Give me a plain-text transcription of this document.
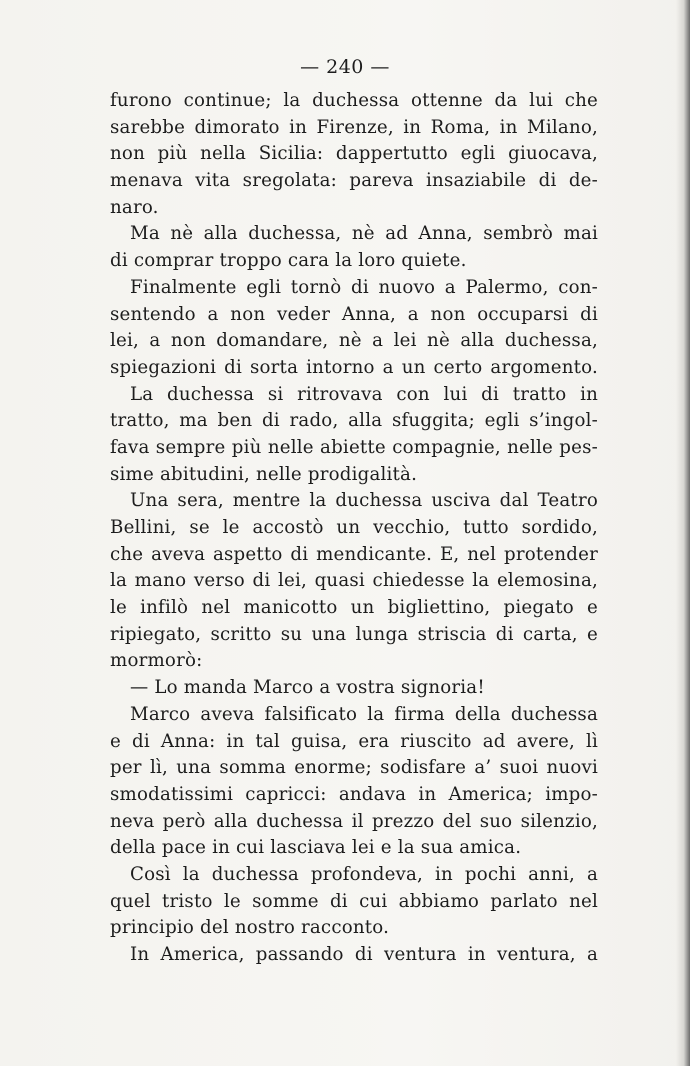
— 240 —
furono continue; la duchessa ottenne da lui che
sarebbe dimorato in Firenze, in Roma, in Milano,
non più nella Sicilia: dappertutto egli giuocava,
menava vita sregolata: pareva insaziabile di de-
naro.
Ma nè alla duchessa, nè ad Anna, sembrò mai
di comprar troppo cara la loro quiete.
Finalmente egli tornò di nuovo a Palermo, con-
sentendo a non veder Anna, a non occuparsi di
lei, a non domandare, nè a lei nè alla duchessa,
spiegazioni di sorta intorno a un certo argomento.
La duchessa si ritrovava con lui di tratto in
tratto, ma ben di rado, alla sfuggita; egli s’ingol-
fava sempre più nelle abiette compagnie, nelle pes-
sime abitudini, nelle prodigalità.
Una sera, mentre la duchessa usciva dal Teatro
Bellini, se le accostò un vecchio, tutto sordido,
che aveva aspetto di mendicante. E, nel protender
la mano verso di lei, quasi chiedesse la elemosina,
le infilò nel manicotto un bigliettino, piegato e
ripiegato, scritto su una lunga striscia di carta, e
mormorò:
— Lo manda Marco a vostra signoria!
Marco aveva falsificato la firma della duchessa
e di Anna: in tal guisa, era riuscito ad avere, lì
per lì, una somma enorme; sodisfare a’ suoi nuovi
smodatissimi capricci: andava in America; impo-
neva però alla duchessa il prezzo del suo silenzio,
della pace in cui lasciava lei e la sua amica.
Così la duchessa profondeva, in pochi anni, a
quel tristo le somme di cui abbiamo parlato nel
principio del nostro racconto.
In America, passando di ventura in ventura, a
